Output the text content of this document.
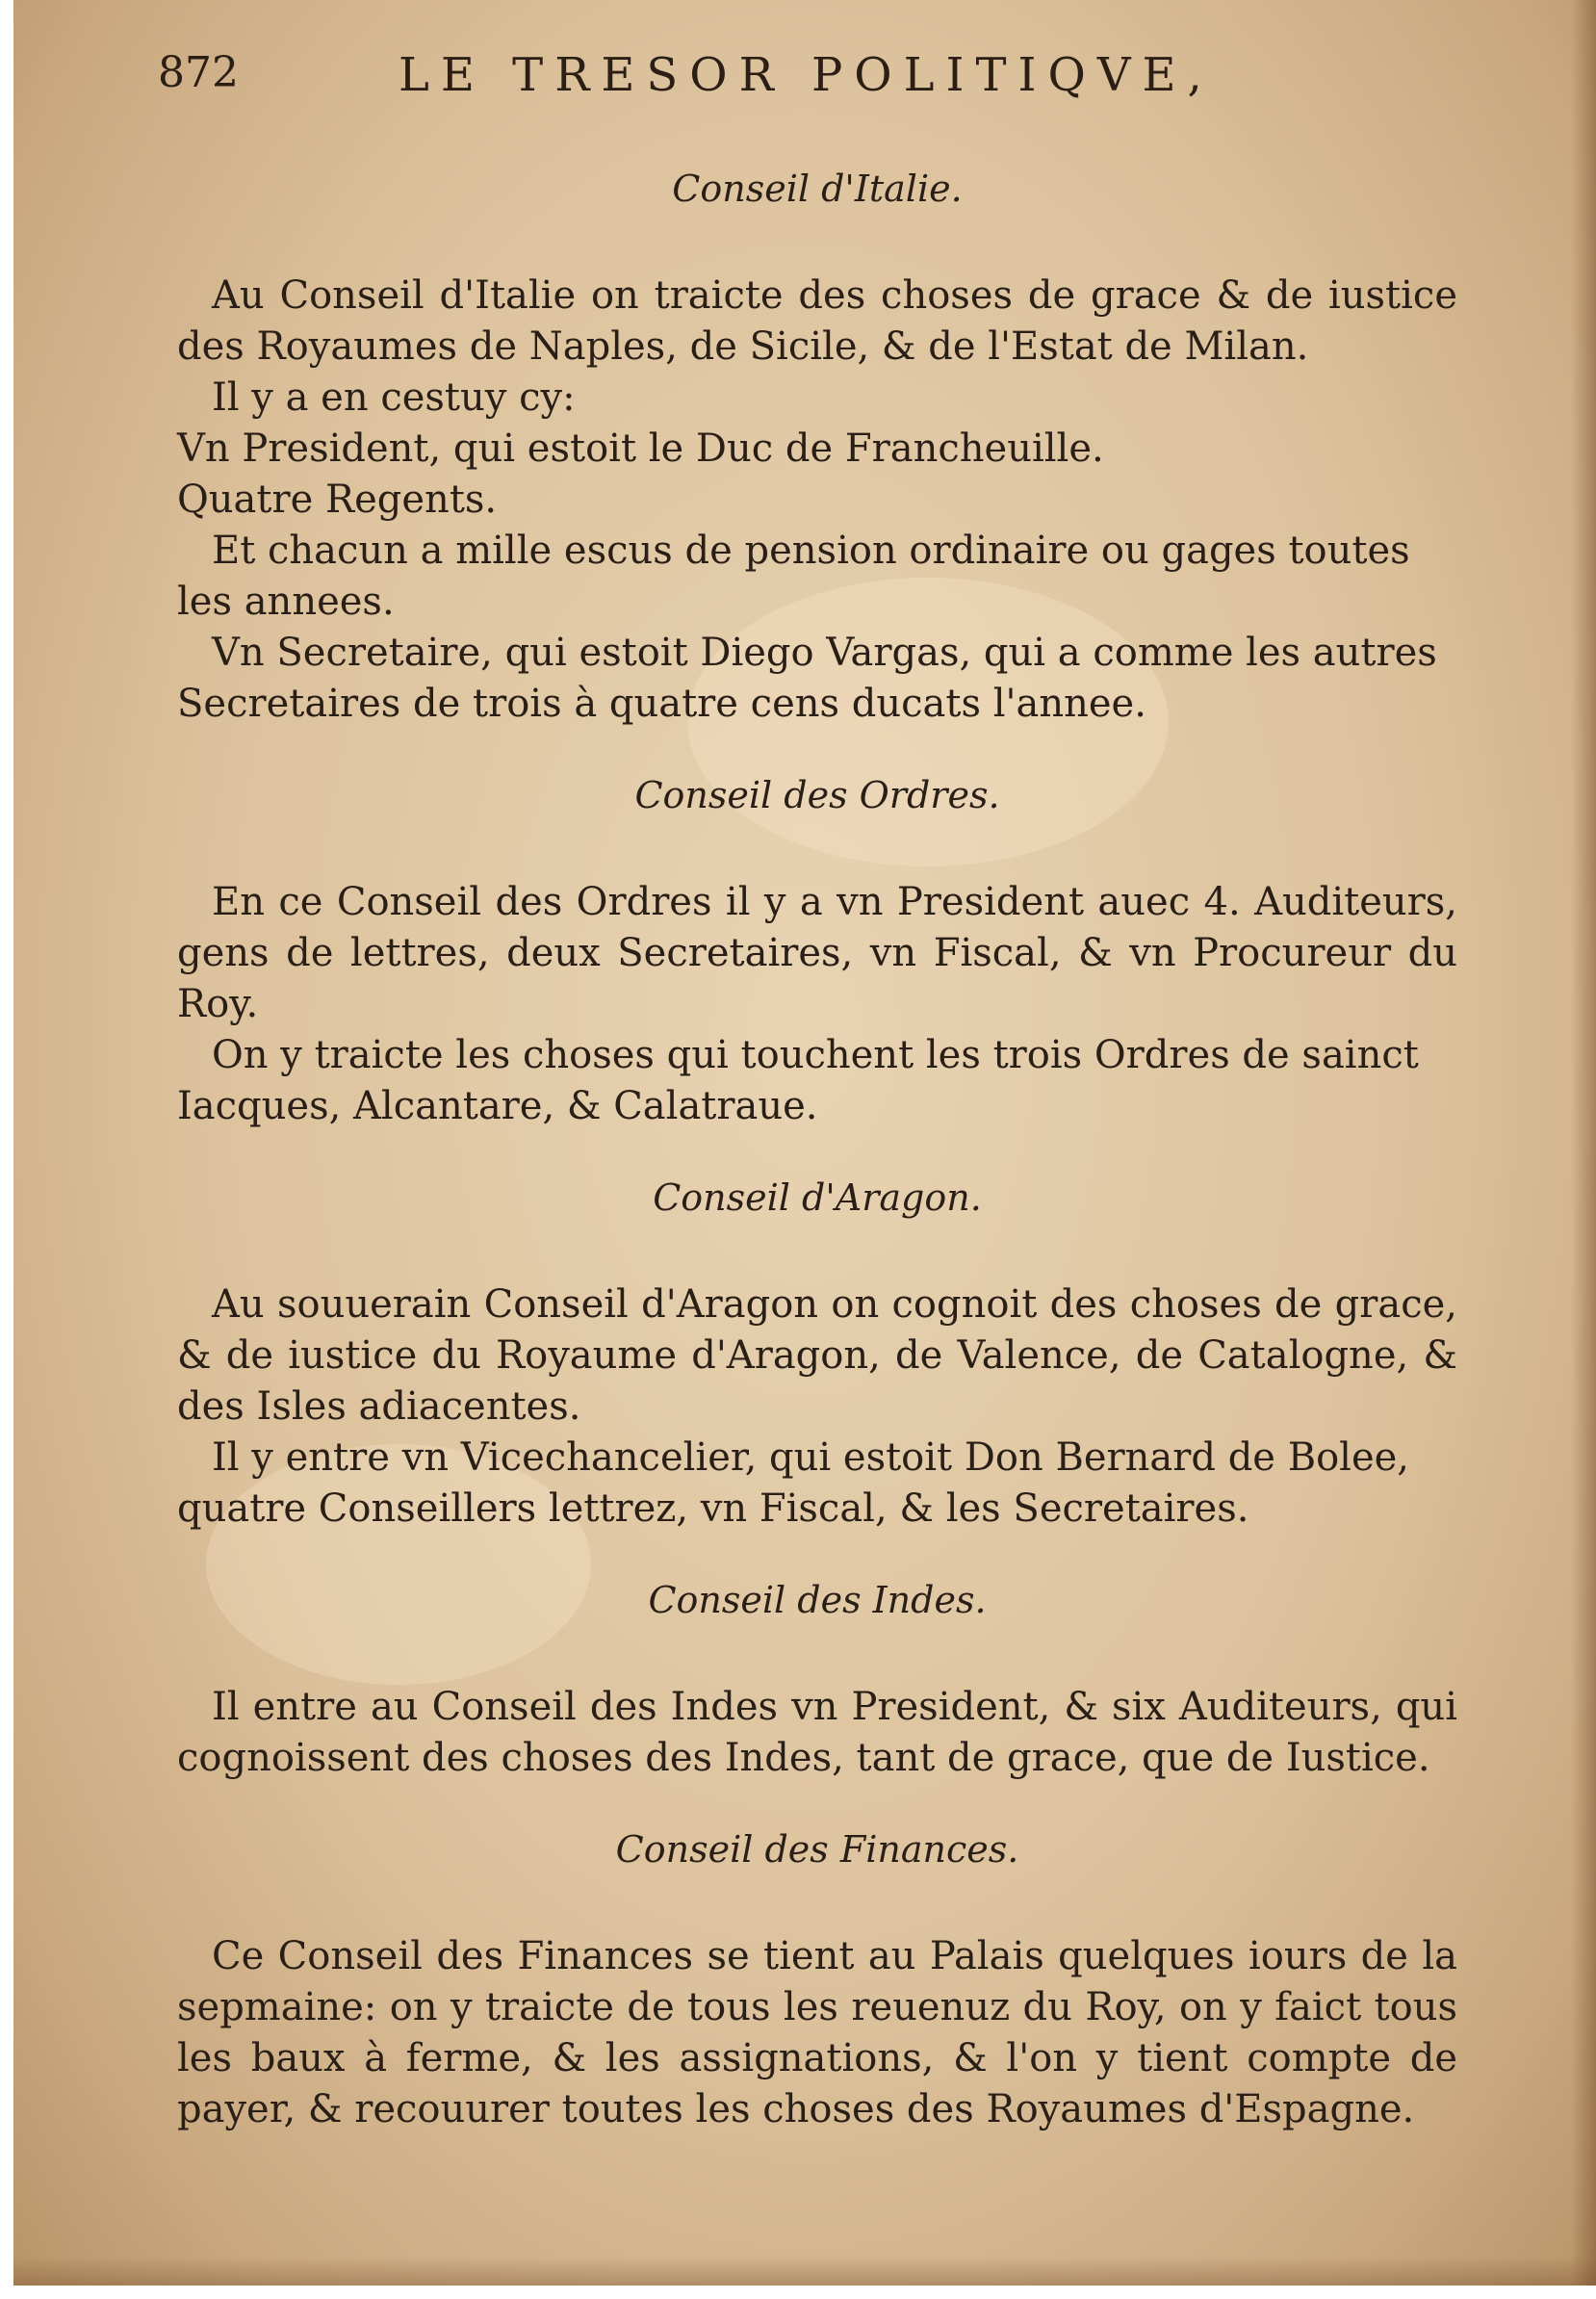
872	LE TRESOR POLITIQVE,

Conseil d'Italie.

Au Conseil d'Italie on traicte des choses de grace & de iustice des Royaumes de Naples, de Sicile, & de l'Estat de Milan.

Il y a en cestuy cy:

Vn President, qui estoit le Duc de Francheuille.

Quatre Regents.

Et chacun a mille escus de pension ordinaire ou gages toutes les annees.

Vn Secretaire, qui estoit Diego Vargas, qui a comme les autres Secretaires de trois à quatre cens ducats l'annee.

Conseil des Ordres.

En ce Conseil des Ordres il y a vn President auec 4. Auditeurs, gens de lettres, deux Secretaires, vn Fiscal, & vn Procureur du Roy.

On y traicte les choses qui touchent les trois Ordres de sainct Iacques, Alcantare, & Calatraue.

Conseil d'Aragon.

Au souuerain Conseil d'Aragon on cognoit des choses de grace, & de iustice du Royaume d'Aragon, de Valence, de Catalogne, & des Isles adiacentes.

Il y entre vn Vicechancelier, qui estoit Don Bernard de Bolee, quatre Conseillers lettrez, vn Fiscal, & les Secretaires.

Conseil des Indes.

Il entre au Conseil des Indes vn President, & six Auditeurs, qui cognoissent des choses des Indes, tant de grace, que de Iustice.

Conseil des Finances.

Ce Conseil des Finances se tient au Palais quelques iours de la sepmaine: on y traicte de tous les reuenuz du Roy, on y faict tous les baux à ferme, & les assignations, & l'on y tient compte de payer, & recouurer toutes les choses des Royaumes d'Espagne.
